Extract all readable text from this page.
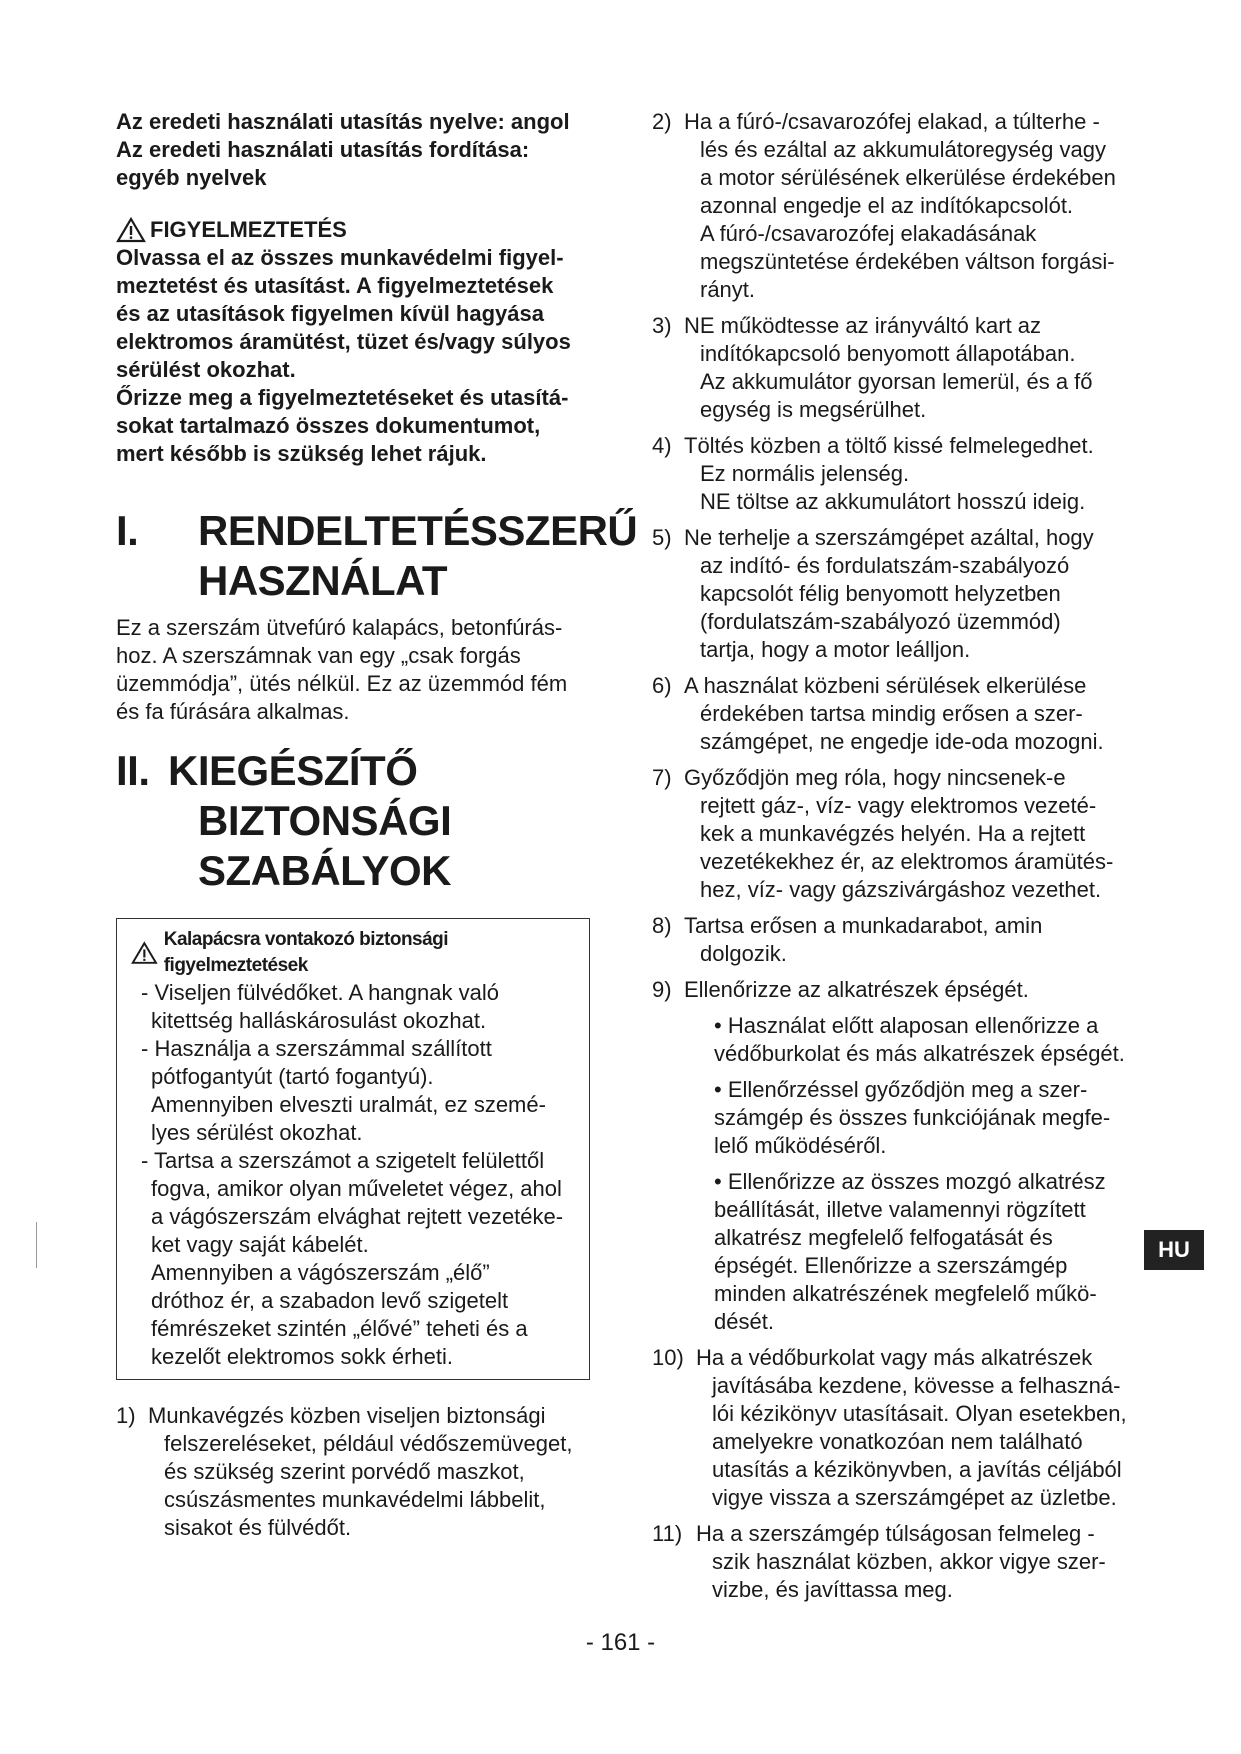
Az eredeti használati utasítás nyelve: angol

Az eredeti használati utasítás fordítása:

egyéb nyelvek

FIGYELMEZTETÉS

Olvassa el az összes munkavédelmi figyel-

meztetést és utasítást. A figyelmeztetések

és az utasítások figyelmen kívül hagyása

elektromos áramütést, tüzet és/vagy súlyos

sérülést okozhat.

Őrizze meg a figyelmeztetéseket és utasítá-

sokat tartalmazó összes dokumentumot,

mert később is szükség lehet rájuk.

I.	RENDELTETÉSSZERŰ
HASZNÁLAT
Ez a szerszám ütvefúró kalapács, betonfúrás-
hoz. A szerszámnak van egy „csak forgás
üzemmódja”, ütés nélkül. Ez az üzemmód fém
és fa fúrására alkalmas.
II. KIEGÉSZÍTŐ
BIZTONSÁGI
SZABÁLYOK
Kalapácsra vontakozó biztonsági figyelmeztetések
- Viseljen fülvédőket. A hangnak való
kitettség halláskárosulást okozhat.
- Használja a szerszámmal szállított
pótfogantyút (tartó fogantyú).
Amennyiben elveszti uralmát, ez szemé-
lyes sérülést okozhat.
- Tartsa a szerszámot a szigetelt felülettől
fogva, amikor olyan műveletet végez, ahol
a vágószerszám elvághat rejtett vezetéke-
ket vagy saját kábelét.
Amennyiben a vágószerszám „élő”
dróthoz ér, a szabadon levő szigetelt
fémrészeket szintén „élővé” teheti és a
kezelőt elektromos sokk érheti.
1) Munkavégzés közben viseljen biztonsági
felszereléseket, például védőszemüveget,
és szükség szerint porvédő maszkot,
csúszásmentes munkavédelmi lábbelit,
sisakot és fülvédőt.
2) Ha a fúró-/csavarozófej elakad, a túlterhe -
lés és ezáltal az akkumulátoregység vagy
a motor sérülésének elkerülése érdekében
azonnal engedje el az indítókapcsolót.
A fúró-/csavarozófej elakadásának
megszüntetése érdekében váltson forgási-
rányt.
3) NE működtesse az irányváltó kart az
indítókapcsoló benyomott állapotában.
Az akkumulátor gyorsan lemerül, és a fő
egység is megsérülhet.
4) Töltés közben a töltő kissé felmelegedhet.
Ez normális jelenség.
NE töltse az akkumulátort hosszú ideig.
5) Ne terhelje a szerszámgépet azáltal, hogy
az indító- és fordulatszám-szabályozó
kapcsolót félig benyomott helyzetben
(fordulatszám-szabályozó üzemmód)
tartja, hogy a motor leálljon.
6) A használat közbeni sérülések elkerülése
érdekében tartsa mindig erősen a szer-
számgépet, ne engedje ide-oda mozogni.
7) Győződjön meg róla, hogy nincsenek-e
rejtett gáz-, víz- vagy elektromos vezeté-
kek a munkavégzés helyén. Ha a rejtett
vezetékekhez ér, az elektromos áramütés-
hez, víz- vagy gázszivárgáshoz vezethet.
8) Tartsa erősen a munkadarabot, amin
dolgozik.
9) Ellenőrizze az alkatrészek épségét.
• Használat előtt alaposan ellenőrizze a
védőburkolat és más alkatrészek épségét.
• Ellenőrzéssel győződjön meg a szer-
számgép és összes funkciójának megfe-
lelő működéséről.
• Ellenőrizze az összes mozgó alkatrész
beállítását, illetve valamennyi rögzített
alkatrész megfelelő felfogatását és
épségét. Ellenőrizze a szerszámgép
minden alkatrészének megfelelő műkö-
dését.
10) Ha a védőburkolat vagy más alkatrészek
javításába kezdene, kövesse a felhaszná-
lói kézikönyv utasításait. Olyan esetekben,
amelyekre vonatkozóan nem található
utasítás a kézikönyvben, a javítás céljából
vigye vissza a szerszámgépet az üzletbe.
11) Ha a szerszámgép túlságosan felmeleg -
szik használat közben, akkor vigye szer-
vizbe, és javíttassa meg.
HU
- 161 -
